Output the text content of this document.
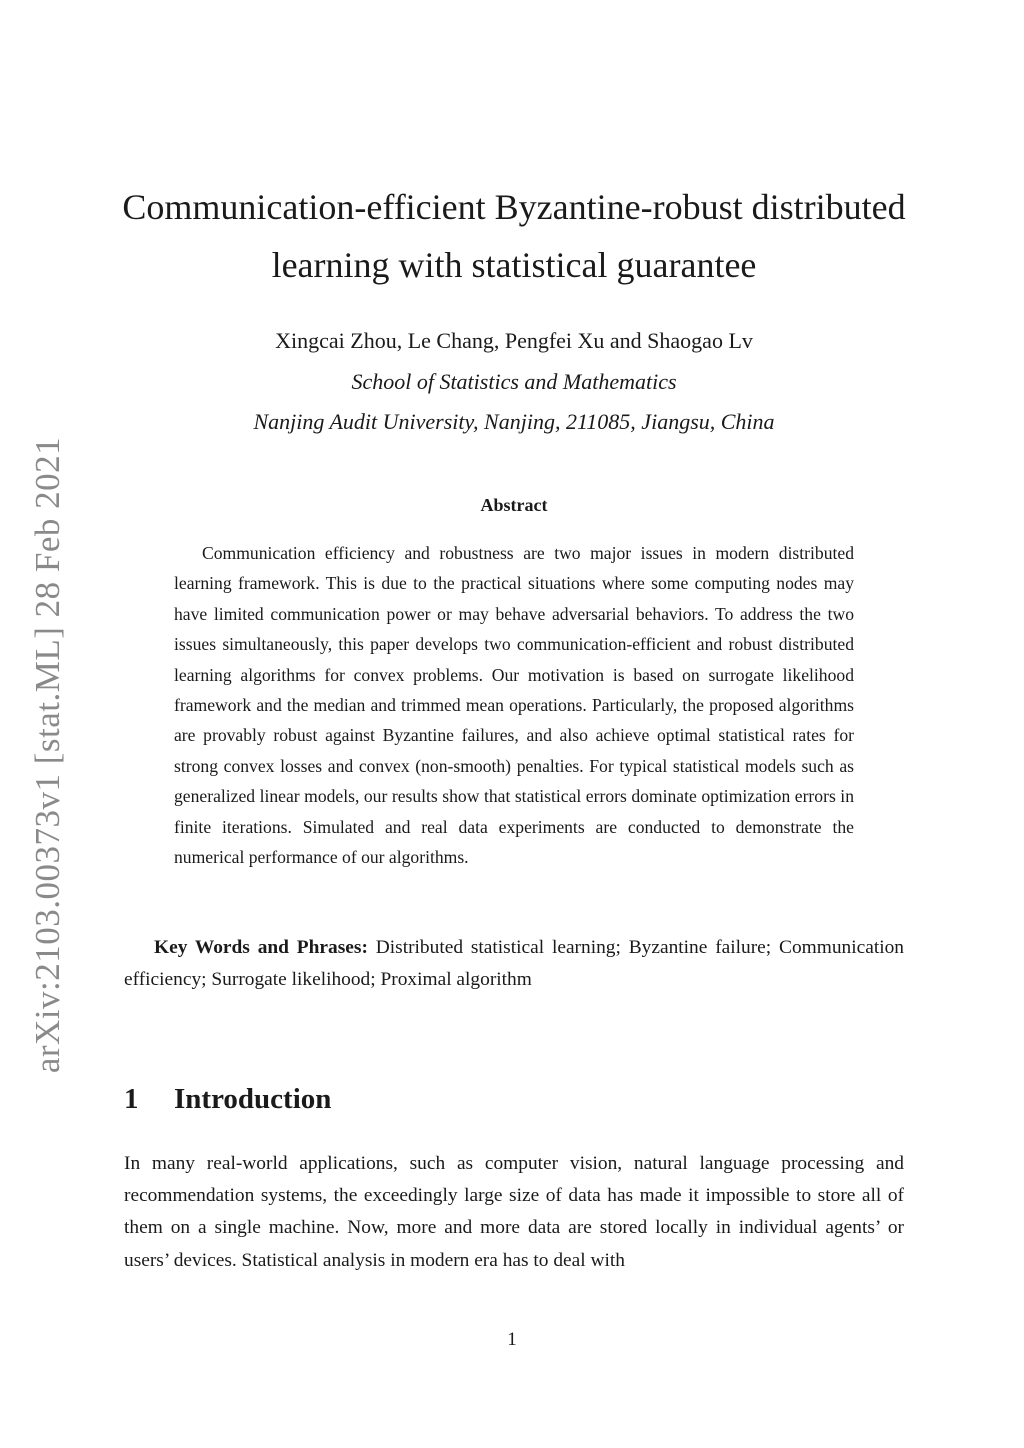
arXiv:2103.00373v1 [stat.ML] 28 Feb 2021
Communication-efficient Byzantine-robust distributed learning with statistical guarantee
Xingcai Zhou, Le Chang, Pengfei Xu and Shaogao Lv
School of Statistics and Mathematics
Nanjing Audit University, Nanjing, 211085, Jiangsu, China
Abstract

Communication efficiency and robustness are two major issues in modern distributed learning framework. This is due to the practical situations where some computing nodes may have limited communication power or may behave adversarial behaviors. To address the two issues simultaneously, this paper develops two communication-efficient and robust distributed learning algorithms for convex problems. Our motivation is based on surrogate likelihood framework and the median and trimmed mean operations. Particularly, the proposed algorithms are provably robust against Byzantine failures, and also achieve optimal statistical rates for strong convex losses and convex (non-smooth) penalties. For typical statistical models such as generalized linear models, our results show that statistical errors dominate optimization errors in finite iterations. Simulated and real data experiments are conducted to demonstrate the numerical performance of our algorithms.

Key Words and Phrases: Distributed statistical learning; Byzantine failure; Communication efficiency; Surrogate likelihood; Proximal algorithm

1 Introduction

In many real-world applications, such as computer vision, natural language processing and recommendation systems, the exceedingly large size of data has made it impossible to store all of them on a single machine. Now, more and more data are stored locally in individual agents’ or users’ devices. Statistical analysis in modern era has to deal with

1
